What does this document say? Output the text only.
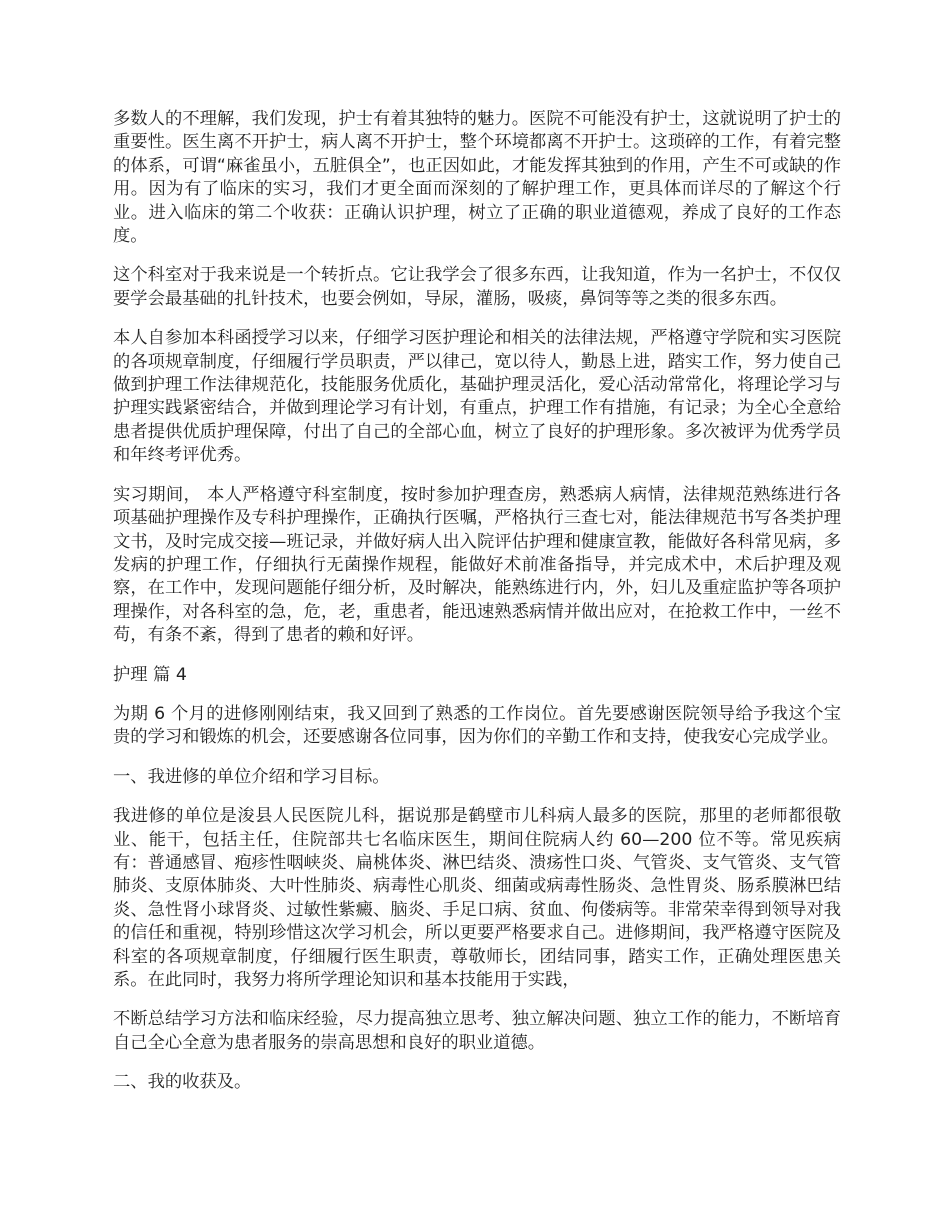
多数人的不理解，我们发现，护士有着其独特的魅力。医院不可能没有护士，这就说明了护士的重要性。医生离不开护士，病人离不开护士，整个环境都离不开护士。这琐碎的工作，有着完整的体系，可谓“麻雀虽小，五脏俱全”，也正因如此，才能发挥其独到的作用，产生不可或缺的作用。因为有了临床的实习，我们才更全面而深刻的了解护理工作，更具体而详尽的了解这个行业。进入临床的第二个收获：正确认识护理，树立了正确的职业道德观，养成了良好的工作态度。

这个科室对于我来说是一个转折点。它让我学会了很多东西，让我知道，作为一名护士，不仅仅要学会最基础的扎针技术，也要会例如，导尿，灌肠，吸痰，鼻饲等等之类的很多东西。

本人自参加本科函授学习以来，仔细学习医护理论和相关的法律法规，严格遵守学院和实习医院的各项规章制度，仔细履行学员职责，严以律己，宽以待人，勤恳上进，踏实工作，努力使自己做到护理工作法律规范化，技能服务优质化，基础护理灵活化，爱心活动常常化，将理论学习与护理实践紧密结合，并做到理论学习有计划，有重点，护理工作有措施，有记录；为全心全意给患者提供优质护理保障，付出了自己的全部心血，树立了良好的护理形象。多次被评为优秀学员和年终考评优秀。

实习期间， 本人严格遵守科室制度，按时参加护理查房，熟悉病人病情，法律规范熟练进行各项基础护理操作及专科护理操作，正确执行医嘱，严格执行三查七对，能法律规范书写各类护理文书，及时完成交接—班记录，并做好病人出入院评估护理和健康宣教，能做好各科常见病，多发病的护理工作，仔细执行无菌操作规程，能做好术前准备指导，并完成术中，术后护理及观察，在工作中，发现问题能仔细分析，及时解决，能熟练进行内，外，妇儿及重症监护等各项护理操作，对各科室的急，危，老，重患者，能迅速熟悉病情并做出应对，在抢救工作中，一丝不苟，有条不紊，得到了患者的赖和好评。

护理 篇 4

为期 6 个月的进修刚刚结束，我又回到了熟悉的工作岗位。首先要感谢医院领导给予我这个宝贵的学习和锻炼的机会，还要感谢各位同事，因为你们的辛勤工作和支持，使我安心完成学业。

一、我进修的单位介绍和学习目标。

我进修的单位是浚县人民医院儿科，据说那是鹤壁市儿科病人最多的医院，那里的老师都很敬业、能干，包括主任，住院部共七名临床医生，期间住院病人约 60—200 位不等。常见疾病有：普通感冒、疱疹性咽峡炎、扁桃体炎、淋巴结炎、溃疡性口炎、气管炎、支气管炎、支气管肺炎、支原体肺炎、大叶性肺炎、病毒性心肌炎、细菌或病毒性肠炎、急性胃炎、肠系膜淋巴结炎、急性肾小球肾炎、过敏性紫癜、脑炎、手足口病、贫血、佝偻病等。非常荣幸得到领导对我的信任和重视，特别珍惜这次学习机会，所以更要严格要求自己。进修期间，我严格遵守医院及科室的各项规章制度，仔细履行医生职责，尊敬师长，团结同事，踏实工作，正确处理医患关系。在此同时，我努力将所学理论知识和基本技能用于实践，

不断总结学习方法和临床经验，尽力提高独立思考、独立解决问题、独立工作的能力，不断培育自己全心全意为患者服务的崇高思想和良好的职业道德。

二、我的收获及。
